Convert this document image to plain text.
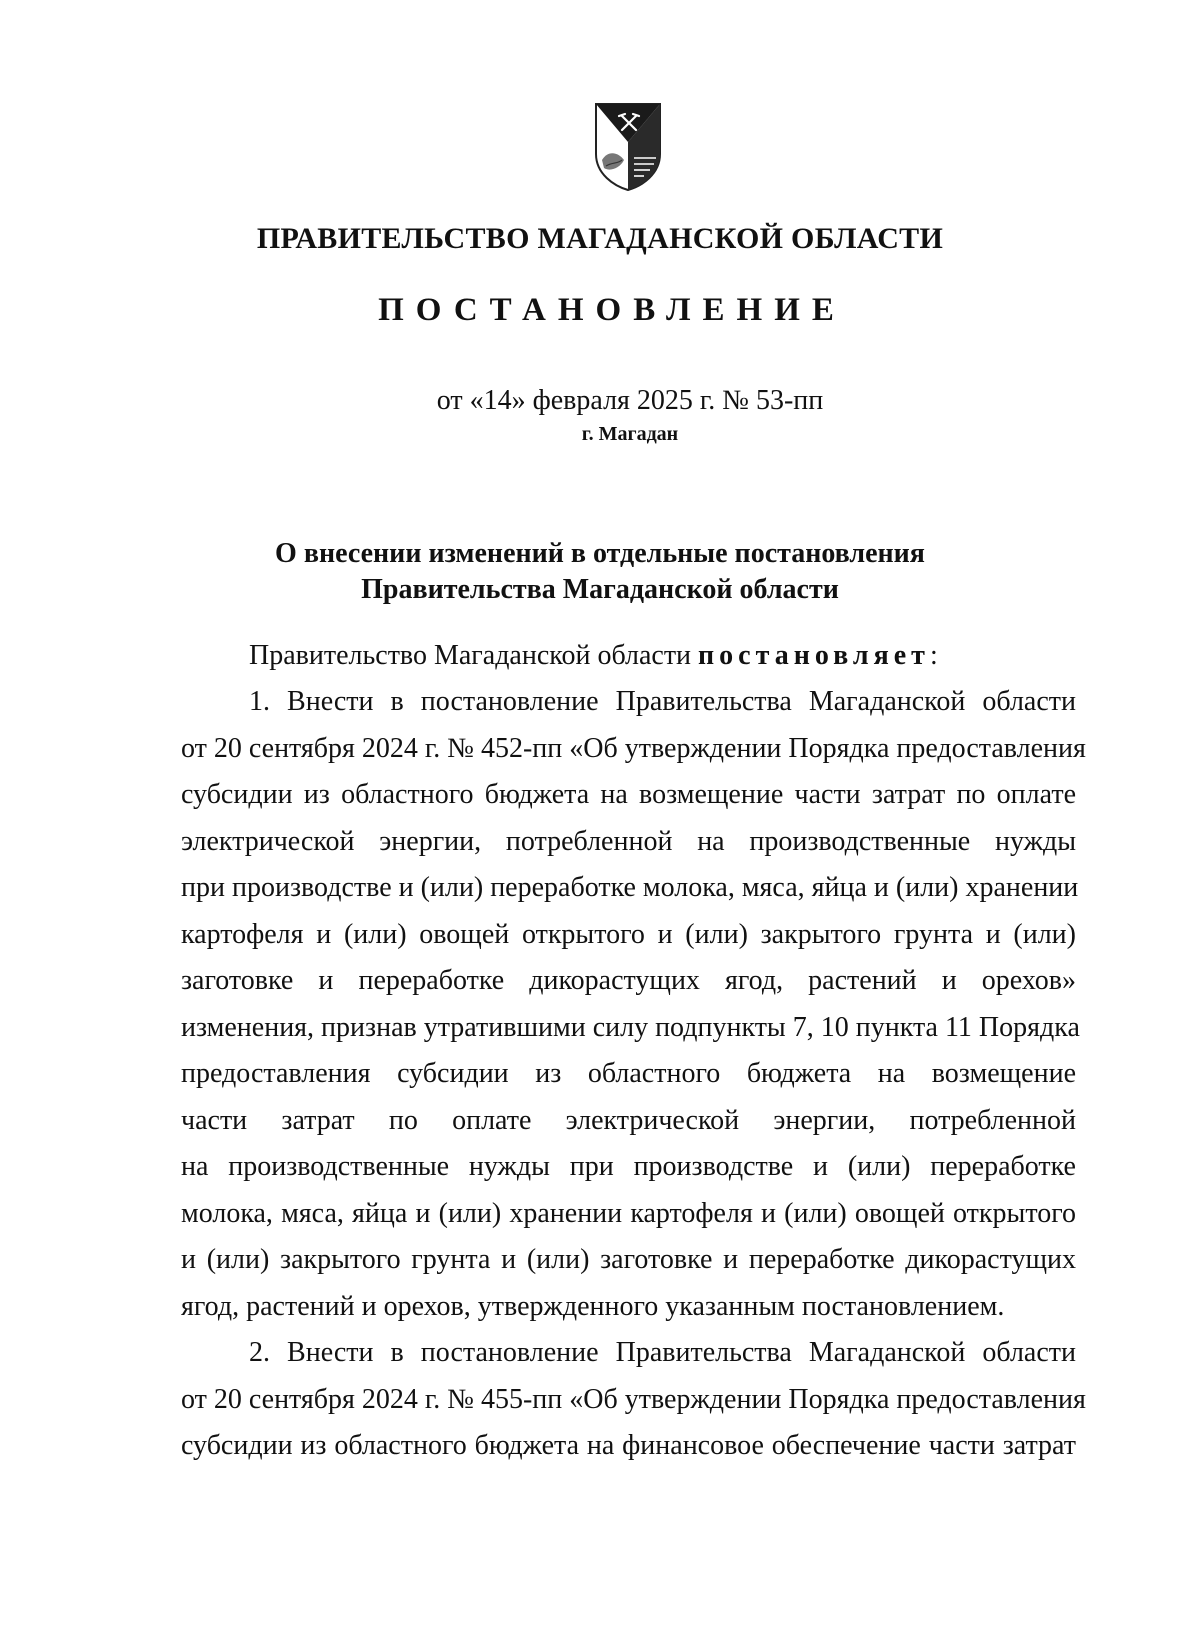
ПРАВИТЕЛЬСТВО МАГАДАНСКОЙ ОБЛАСТИ
ПОСТАНОВЛЕНИЕ
от «14» февраля 2025 г. № 53-пп
г. Магадан
О внесении изменений в отдельные постановления
Правительства Магаданской области
Правительство Магаданской области постановляет:
1. Внести в постановление Правительства Магаданской области
от 20 сентября 2024 г. № 452-пп «Об утверждении Порядка предоставления
субсидии из областного бюджета на возмещение части затрат по оплате
электрической энергии, потребленной на производственные нужды
при производстве и (или) переработке молока, мяса, яйца и (или) хранении
картофеля и (или) овощей открытого и (или) закрытого грунта и (или)
заготовке и переработке дикорастущих ягод, растений и орехов»
изменения, признав утратившими силу подпункты 7, 10 пункта 11 Порядка
предоставления субсидии из областного бюджета на возмещение
части затрат по оплате электрической энергии, потребленной
на производственные нужды при производстве и (или) переработке
молока, мяса, яйца и (или) хранении картофеля и (или) овощей открытого
и (или) закрытого грунта и (или) заготовке и переработке дикорастущих
ягод, растений и орехов, утвержденного указанным постановлением.
2. Внести в постановление Правительства Магаданской области
от 20 сентября 2024 г. № 455-пп «Об утверждении Порядка предоставления
субсидии из областного бюджета на финансовое обеспечение части затрат
